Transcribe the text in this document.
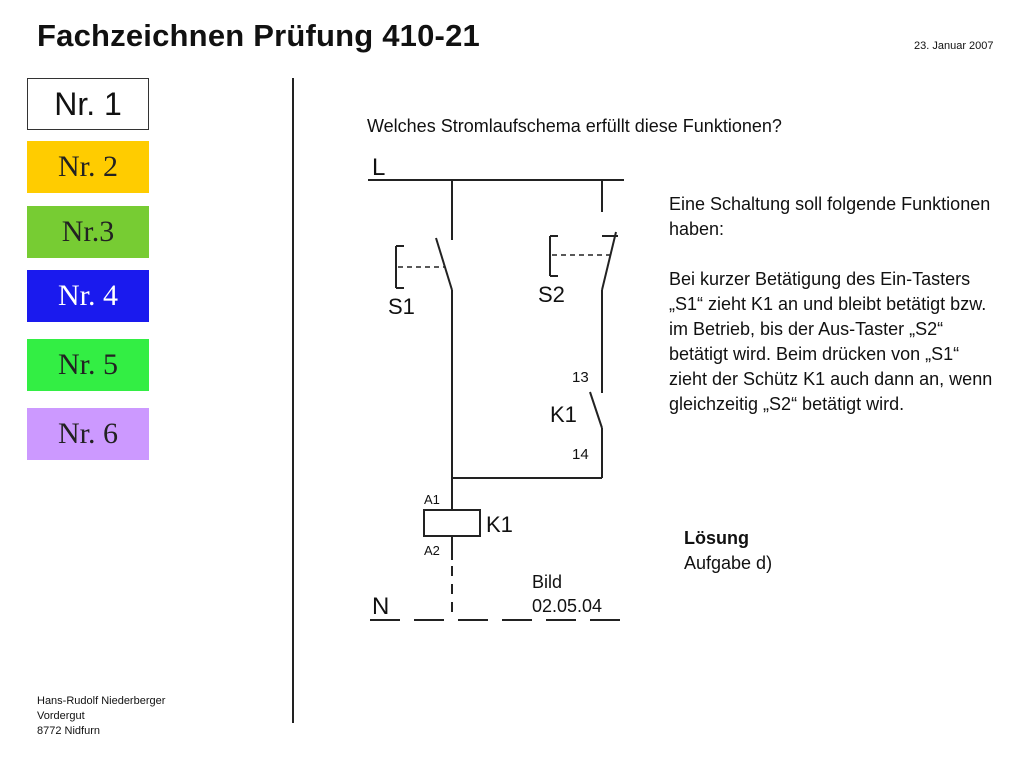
Fachzeichnen Prüfung 410-21	23. Januar 2007
Nr. 1
Nr. 2
Nr.3
Nr. 4
Nr. 5
Nr. 6
Welches Stromlaufschema erfüllt diese Funktionen?
L
S1	S2
13
K1
14
A1
K1
A2
N
Bild
02.05.04

Eine Schaltung soll folgende Funktionen haben:

Bei kurzer Betätigung des Ein-Tasters „S1“ zieht K1 an und bleibt betätigt bzw. im Betrieb, bis der Aus-Taster „S2“ betätigt wird. Beim drücken von „S1“ zieht der Schütz K1 auch dann an, wenn gleichzeitig „S2“ betätigt wird.

Lösung
Aufgabe d)
Hans-Rudolf Niederberger
Vordergut
8772 Nidfurn
